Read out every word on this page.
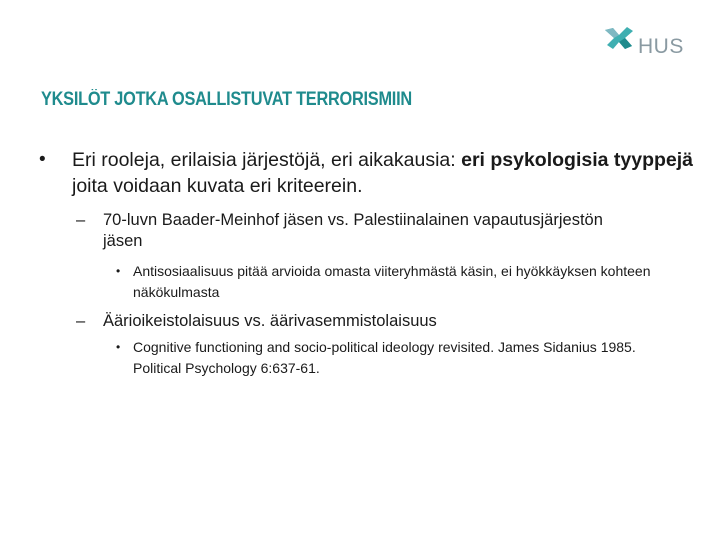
HUS
YKSILÖT JOTKA OSALLISTUVAT TERRORISMIIN
• Eri rooleja, erilaisia järjestöjä, eri aikakausia: eri psykologisia tyyppejä joita voidaan kuvata eri kriteerein.
– 70-luvn Baader-Meinhof jäsen vs. Palestiinalainen vapautusjärjestön jäsen
• Antisosiaalisuus pitää arvioida omasta viiteryhmästä käsin, ei hyökkäyksen kohteen näkökulmasta
– Äärioikeistolaisuus vs. äärivasemmistolaisuus
• Cognitive functioning and socio-political ideology revisited. James Sidanius 1985. Political Psychology 6:637-61.
